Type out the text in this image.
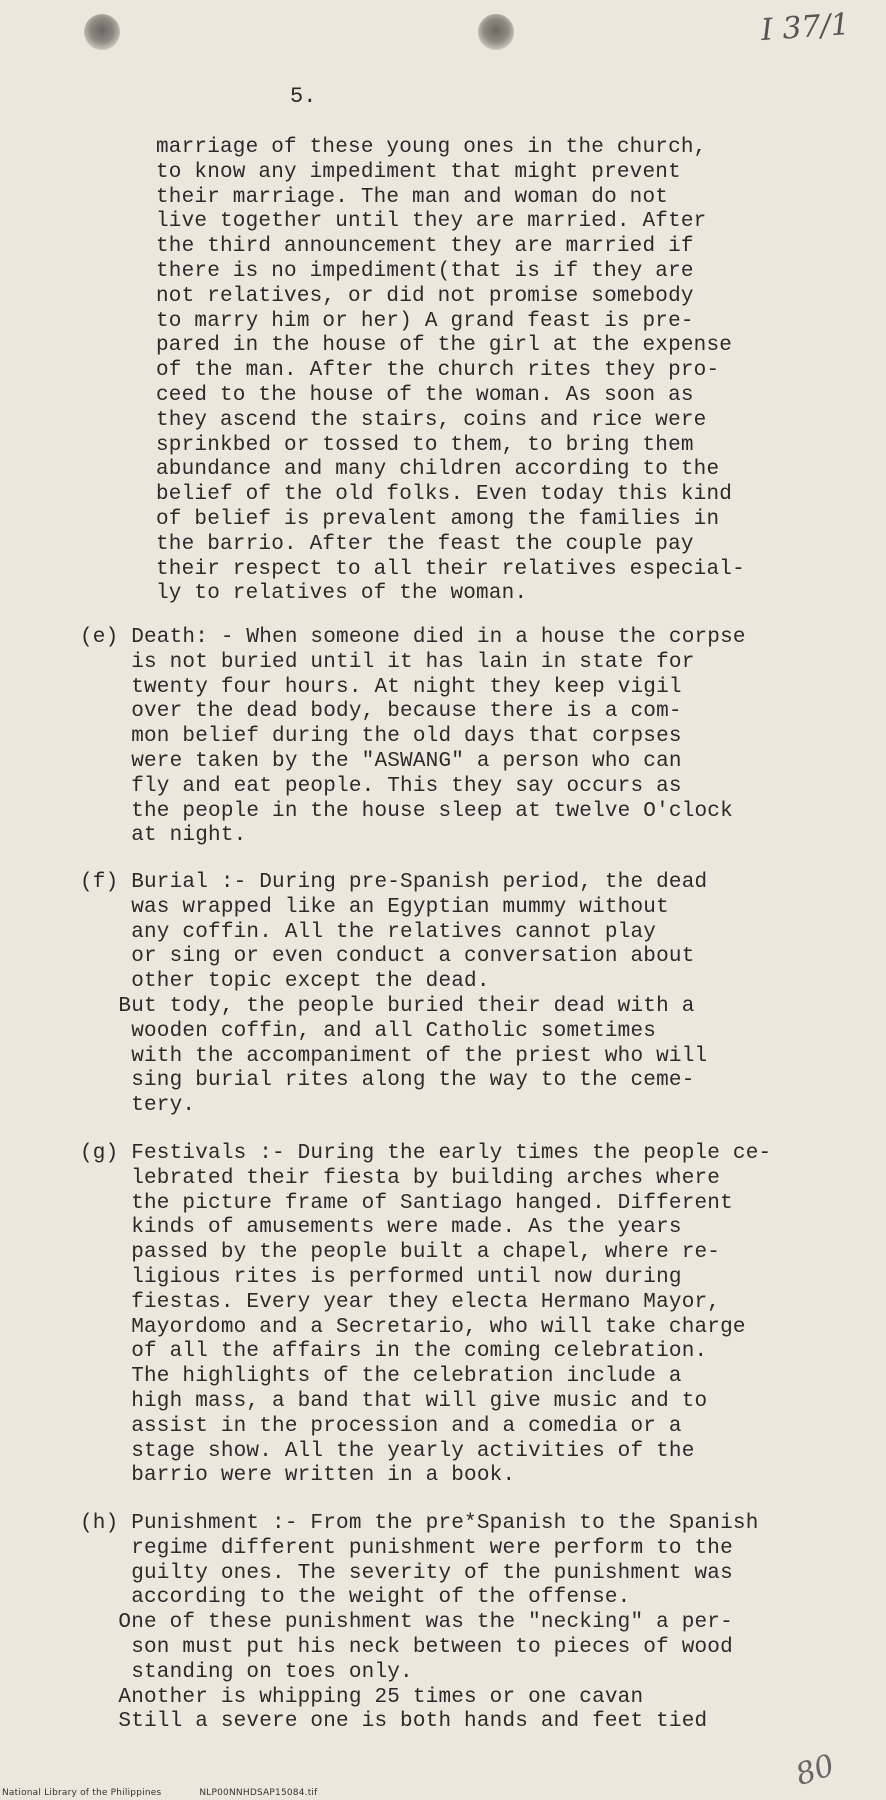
I 37/1
5.

marriage of these young ones in the church,
to know any impediment that might prevent
their marriage. The man and woman do not
live together until they are married. After
the third announcement they are married if
there is no impediment(that is if they are
not relatives, or did not promise somebody
to marry him or her) A grand feast is pre-
pared in the house of the girl at the expense
of the man. After the church rites they pro-
ceed to the house of the woman. As soon as
they ascend the stairs, coins and rice were
sprinkbed or tossed to them, to bring them
abundance and many children according to the
belief of the old folks. Even today this kind
of belief is prevalent among the families in
the barrio. After the feast the couple pay
their respect to all their relatives especial-
ly to relatives of the woman.

(e) Death: - When someone died in a house the corpse
is not buried until it has lain in state for
twenty four hours. At night they keep vigil
over the dead body, because there is a com-
mon belief during the old days that corpses
were taken by the "ASWANG" a person who can
fly and eat people. This they say occurs as
the people in the house sleep at twelve O'clock
at night.

(f) Burial :- During pre-Spanish period, the dead
was wrapped like an Egyptian mummy without
any coffin. All the relatives cannot play
or sing or even conduct a conversation about
other topic except the dead.
But tody, the people buried their dead with a
wooden coffin, and all Catholic sometimes
with the accompaniment of the priest who will
sing burial rites along the way to the ceme-
tery.

(g) Festivals :- During the early times the people ce-
lebrated their fiesta by building arches where
the picture frame of Santiago hanged. Different
kinds of amusements were made. As the years
passed by the people built a chapel, where re-
ligious rites is performed until now during
fiestas. Every year they electa Hermano Mayor,
Mayordomo and a Secretario, who will take charge
of all the affairs in the coming celebration.
The highlights of the celebration include a
high mass, a band that will give music and to
assist in the procession and a comedia or a
stage show. All the yearly activities of the
barrio were written in a book.

(h) Punishment :- From the pre*Spanish to the Spanish
regime different punishment were perform to the
guilty ones. The severity of the punishment was
according to the weight of the offense.
One of these punishment was the "necking" a per-
son must put his neck between to pieces of wood
standing on toes only.
Another is whipping 25 times or one cavan
Still a severe one is both hands and feet tied

80
National Library of the Philippines	NLP00NNHDSAP15084.tif
